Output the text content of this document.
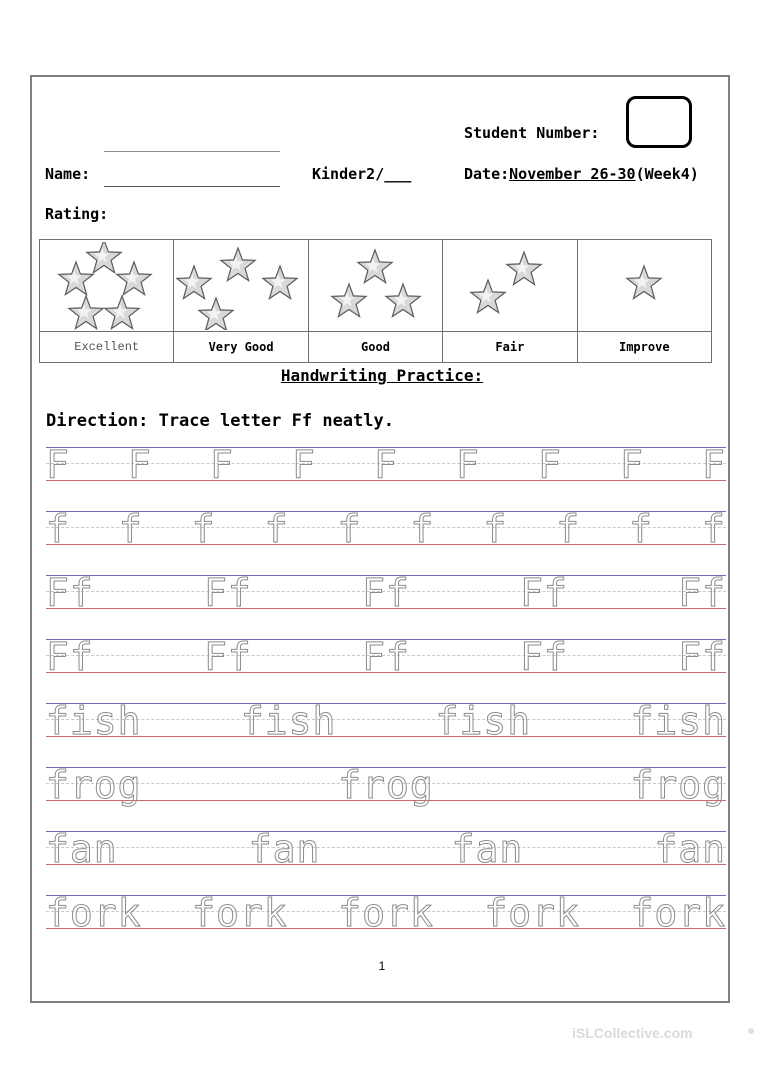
Student Number:
Name:	Kinder2/___	Date:November 26-30(Week4)
Rating:

Excellent	Very Good	Good	Fair	Improve
Handwriting Practice:
Direction: Trace letter Ff neatly.
F F F F F F F F F
f f f f f f f f f f
Ff	Ff	Ff	Ff	Ff
Ff	Ff	Ff	Ff	Ff
fish	fish	fish	fish
frog	frog	frog
fan	fan	fan	fan
fork fork fork fork fork
1
iSLCollective.com
